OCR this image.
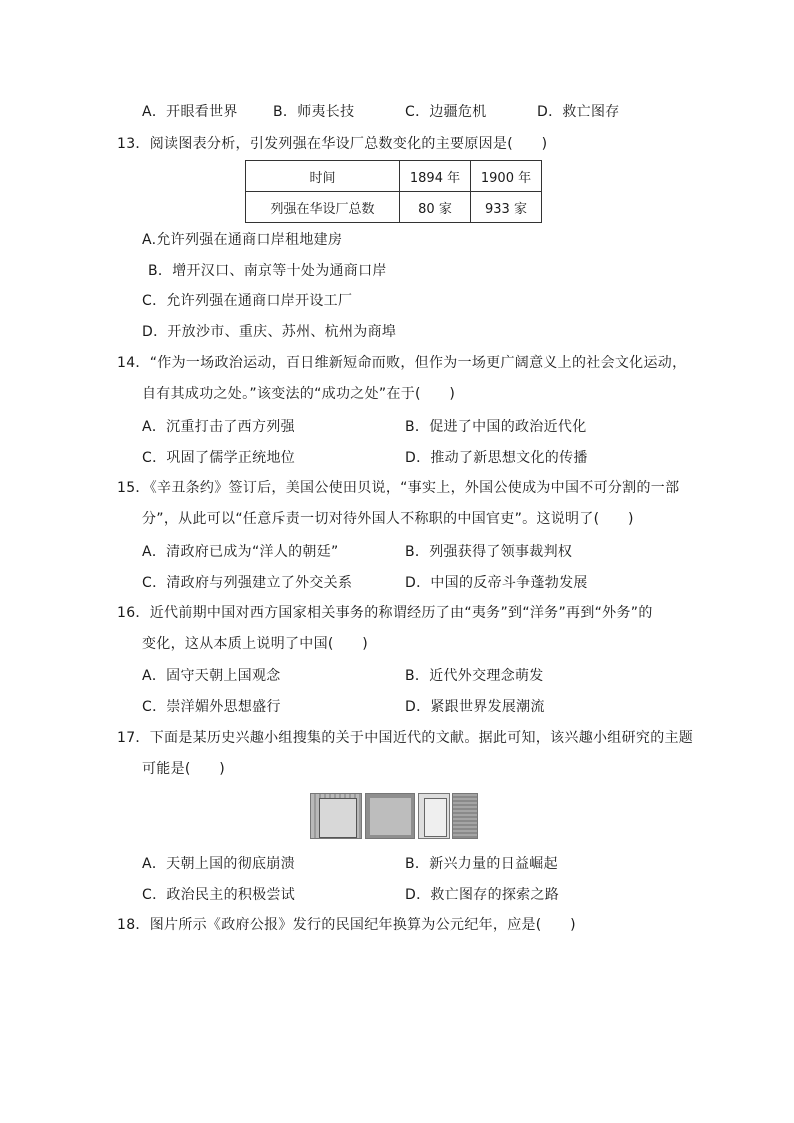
A．开眼看世界	B．师夷长技	C．边疆危机	D．救亡图存
13．阅读图表分析，引发列强在华设厂总数变化的主要原因是(　　)
时间	1894 年	1900 年
列强在华设厂总数	80 家	933 家
A.允许列强在通商口岸租地建房
B．增开汉口、南京等十处为通商口岸
C．允许列强在通商口岸开设工厂
D．开放沙市、重庆、苏州、杭州为商埠
14．“作为一场政治运动，百日维新短命而败，但作为一场更广阔意义上的社会文化运动，
自有其成功之处。”该变法的“成功之处”在于(　　)
A．沉重打击了西方列强	B．促进了中国的政治近代化
C．巩固了儒学正统地位	D．推动了新思想文化的传播
15．《辛丑条约》签订后，美国公使田贝说，“事实上，外国公使成为中国不可分割的一部
分”，从此可以“任意斥责一切对待外国人不称职的中国官吏”。这说明了(　　)
A．清政府已成为“洋人的朝廷”	B．列强获得了领事裁判权
C．清政府与列强建立了外交关系	D．中国的反帝斗争蓬勃发展
16．近代前期中国对西方国家相关事务的称谓经历了由“夷务”到“洋务”再到“外务”的
变化，这从本质上说明了中国(　　)
A．固守天朝上国观念	B．近代外交理念萌发
C．崇洋媚外思想盛行	D．紧跟世界发展潮流
17．下面是某历史兴趣小组搜集的关于中国近代的文献。据此可知，该兴趣小组研究的主题
可能是(　　)
A．天朝上国的彻底崩溃	B．新兴力量的日益崛起
C．政治民主的积极尝试	D．救亡图存的探索之路
18．图片所示《政府公报》发行的民国纪年换算为公元纪年，应是(　　)
